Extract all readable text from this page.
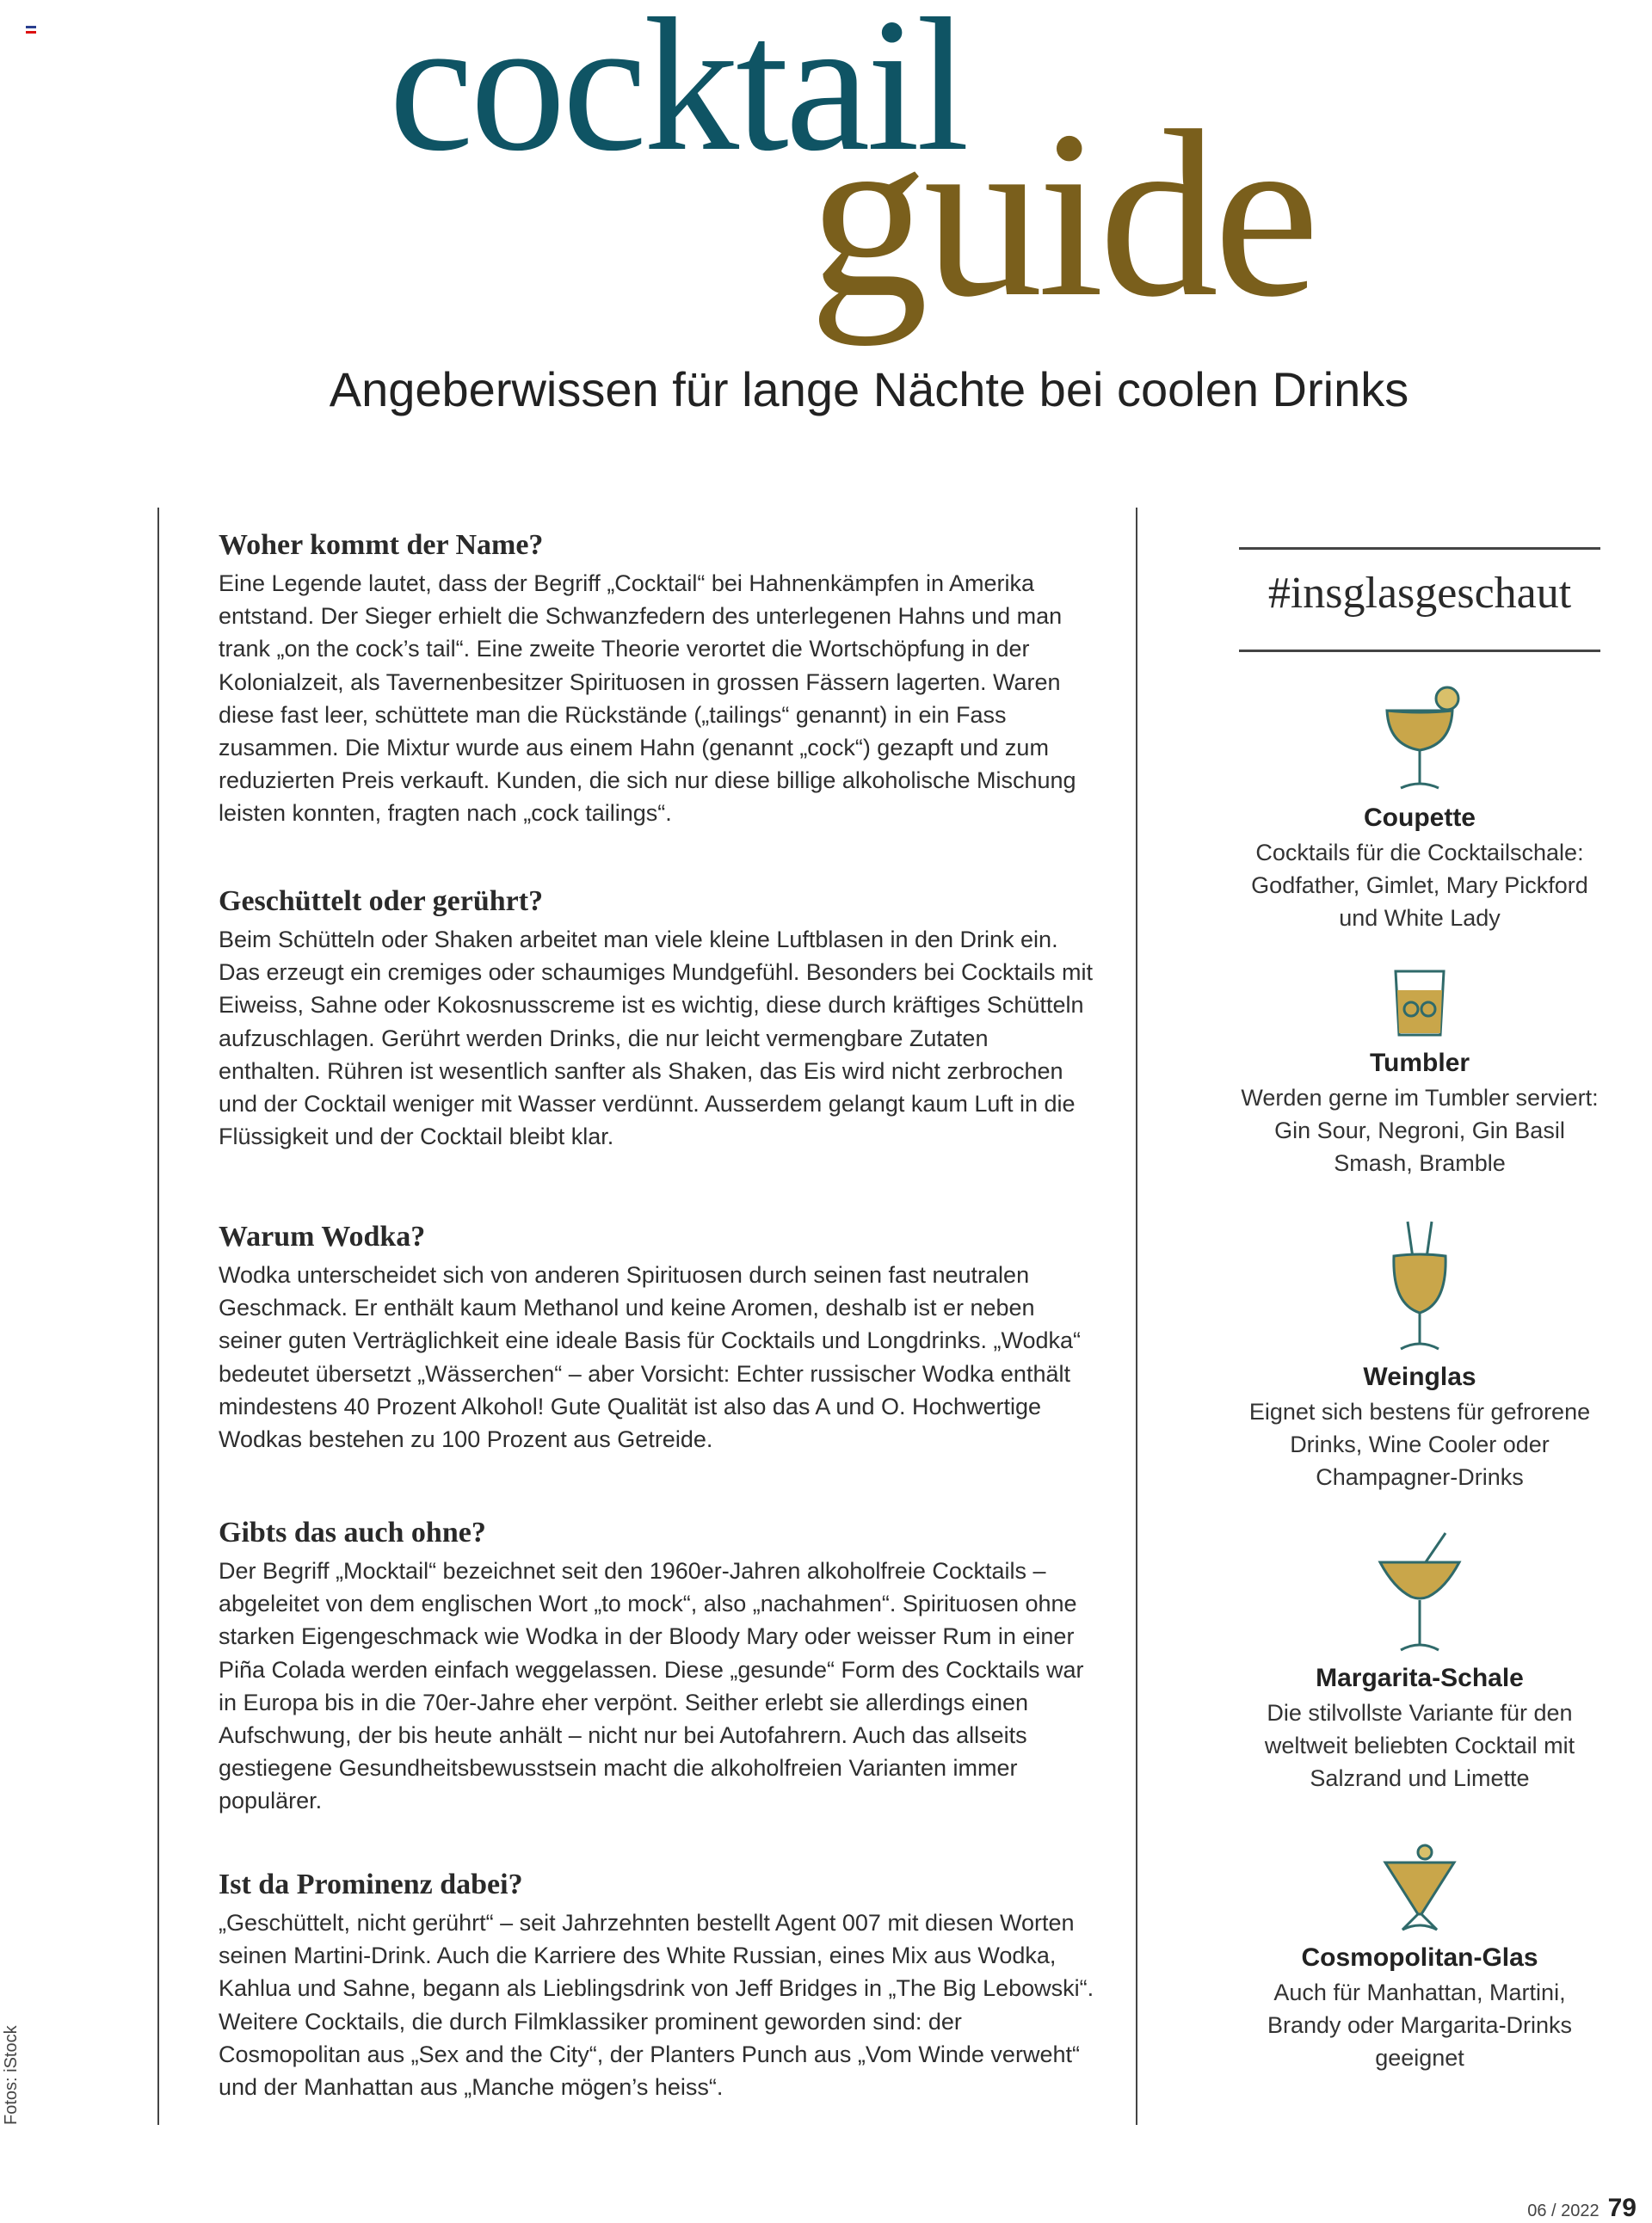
cocktail
guide
Angeberwissen für lange Nächte bei coolen Drinks
Woher kommt der Name?

Eine Legende lautet, dass der Begriff „Cocktail“ bei Hahnenkämpfen in Amerika entstand. Der Sieger erhielt die Schwanzfedern des unterlegenen Hahns und man trank „on the cock’s tail“. Eine zweite Theorie verortet die Wortschöpfung in der Kolonialzeit, als Tavernenbesitzer Spirituosen in grossen Fässern lagerten. Waren diese fast leer, schüttete man die Rückstände („tailings“ genannt) in ein Fass zusammen. Die Mixtur wurde aus einem Hahn (genannt „cock“) gezapft und zum reduzierten Preis verkauft. Kunden, die sich nur diese billige alkoholische Mischung leisten konnten, fragten nach „cock tailings“.

Geschüttelt oder gerührt?

Beim Schütteln oder Shaken arbeitet man viele kleine Luftblasen in den Drink ein. Das erzeugt ein cremiges oder schaumiges Mundgefühl. Besonders bei Cocktails mit Eiweiss, Sahne oder Kokosnusscreme ist es wichtig, diese durch kräftiges Schütteln aufzuschlagen. Gerührt werden Drinks, die nur leicht vermengbare Zutaten enthalten. Rühren ist wesentlich sanfter als Shaken, das Eis wird nicht zerbrochen und der Cocktail weniger mit Wasser verdünnt. Ausserdem gelangt kaum Luft in die Flüssigkeit und der Cocktail bleibt klar.

Warum Wodka?

Wodka unterscheidet sich von anderen Spirituosen durch seinen fast neutralen Geschmack. Er enthält kaum Methanol und keine Aromen, deshalb ist er neben seiner guten Verträglichkeit eine ideale Basis für Cocktails und Longdrinks. „Wodka“ bedeutet übersetzt „Wässerchen“ – aber Vorsicht: Echter russischer Wodka enthält mindestens 40 Prozent Alkohol! Gute Qualität ist also das A und O. Hochwertige Wodkas bestehen zu 100 Prozent aus Getreide.

Gibts das auch ohne?

Der Begriff „Mocktail“ bezeichnet seit den 1960er-Jahren alkoholfreie Cocktails – abgeleitet von dem englischen Wort „to mock“, also „nachahmen“. Spirituosen ohne starken Eigengeschmack wie Wodka in der Bloody Mary oder weisser Rum in einer Piña Colada werden einfach weggelassen. Diese „gesunde“ Form des Cocktails war in Europa bis in die 70er-Jahre eher verpönt. Seither erlebt sie allerdings einen Aufschwung, der bis heute anhält – nicht nur bei Autofahrern. Auch das allseits gestiegene Gesundheitsbewusstsein macht die alkoholfreien Varianten immer populärer.

Ist da Prominenz dabei?

„Geschüttelt, nicht gerührt“ – seit Jahrzehnten bestellt Agent 007 mit diesen Worten seinen Martini-Drink. Auch die Karriere des White Russian, eines Mix aus Wodka, Kahlua und Sahne, begann als Lieblingsdrink von Jeff Bridges in „The Big Lebowski“. Weitere Cocktails, die durch Filmklassiker prominent geworden sind: der Cosmopolitan aus „Sex and the City“, der Planters Punch aus „Vom Winde verweht“ und der Manhattan aus „Manche mögen’s heiss“.

#insglasgeschaut
Coupette

Cocktails für die Cocktailschale: Godfather, Gimlet, Mary Pickford und White Lady

Tumbler

Werden gerne im Tumbler serviert: Gin Sour, Negroni, Gin Basil Smash, Bramble

Weinglas

Eignet sich bestens für gefrorene Drinks, Wine Cooler oder Champagner-Drinks

Margarita-Schale

Die stilvollste Variante für den weltweit beliebten Cocktail mit Salzrand und Limette

Cosmopolitan-Glas

Auch für Manhattan, Martini, Brandy oder Margarita-Drinks geeignet

Fotos: iStock
06 / 2022 79
